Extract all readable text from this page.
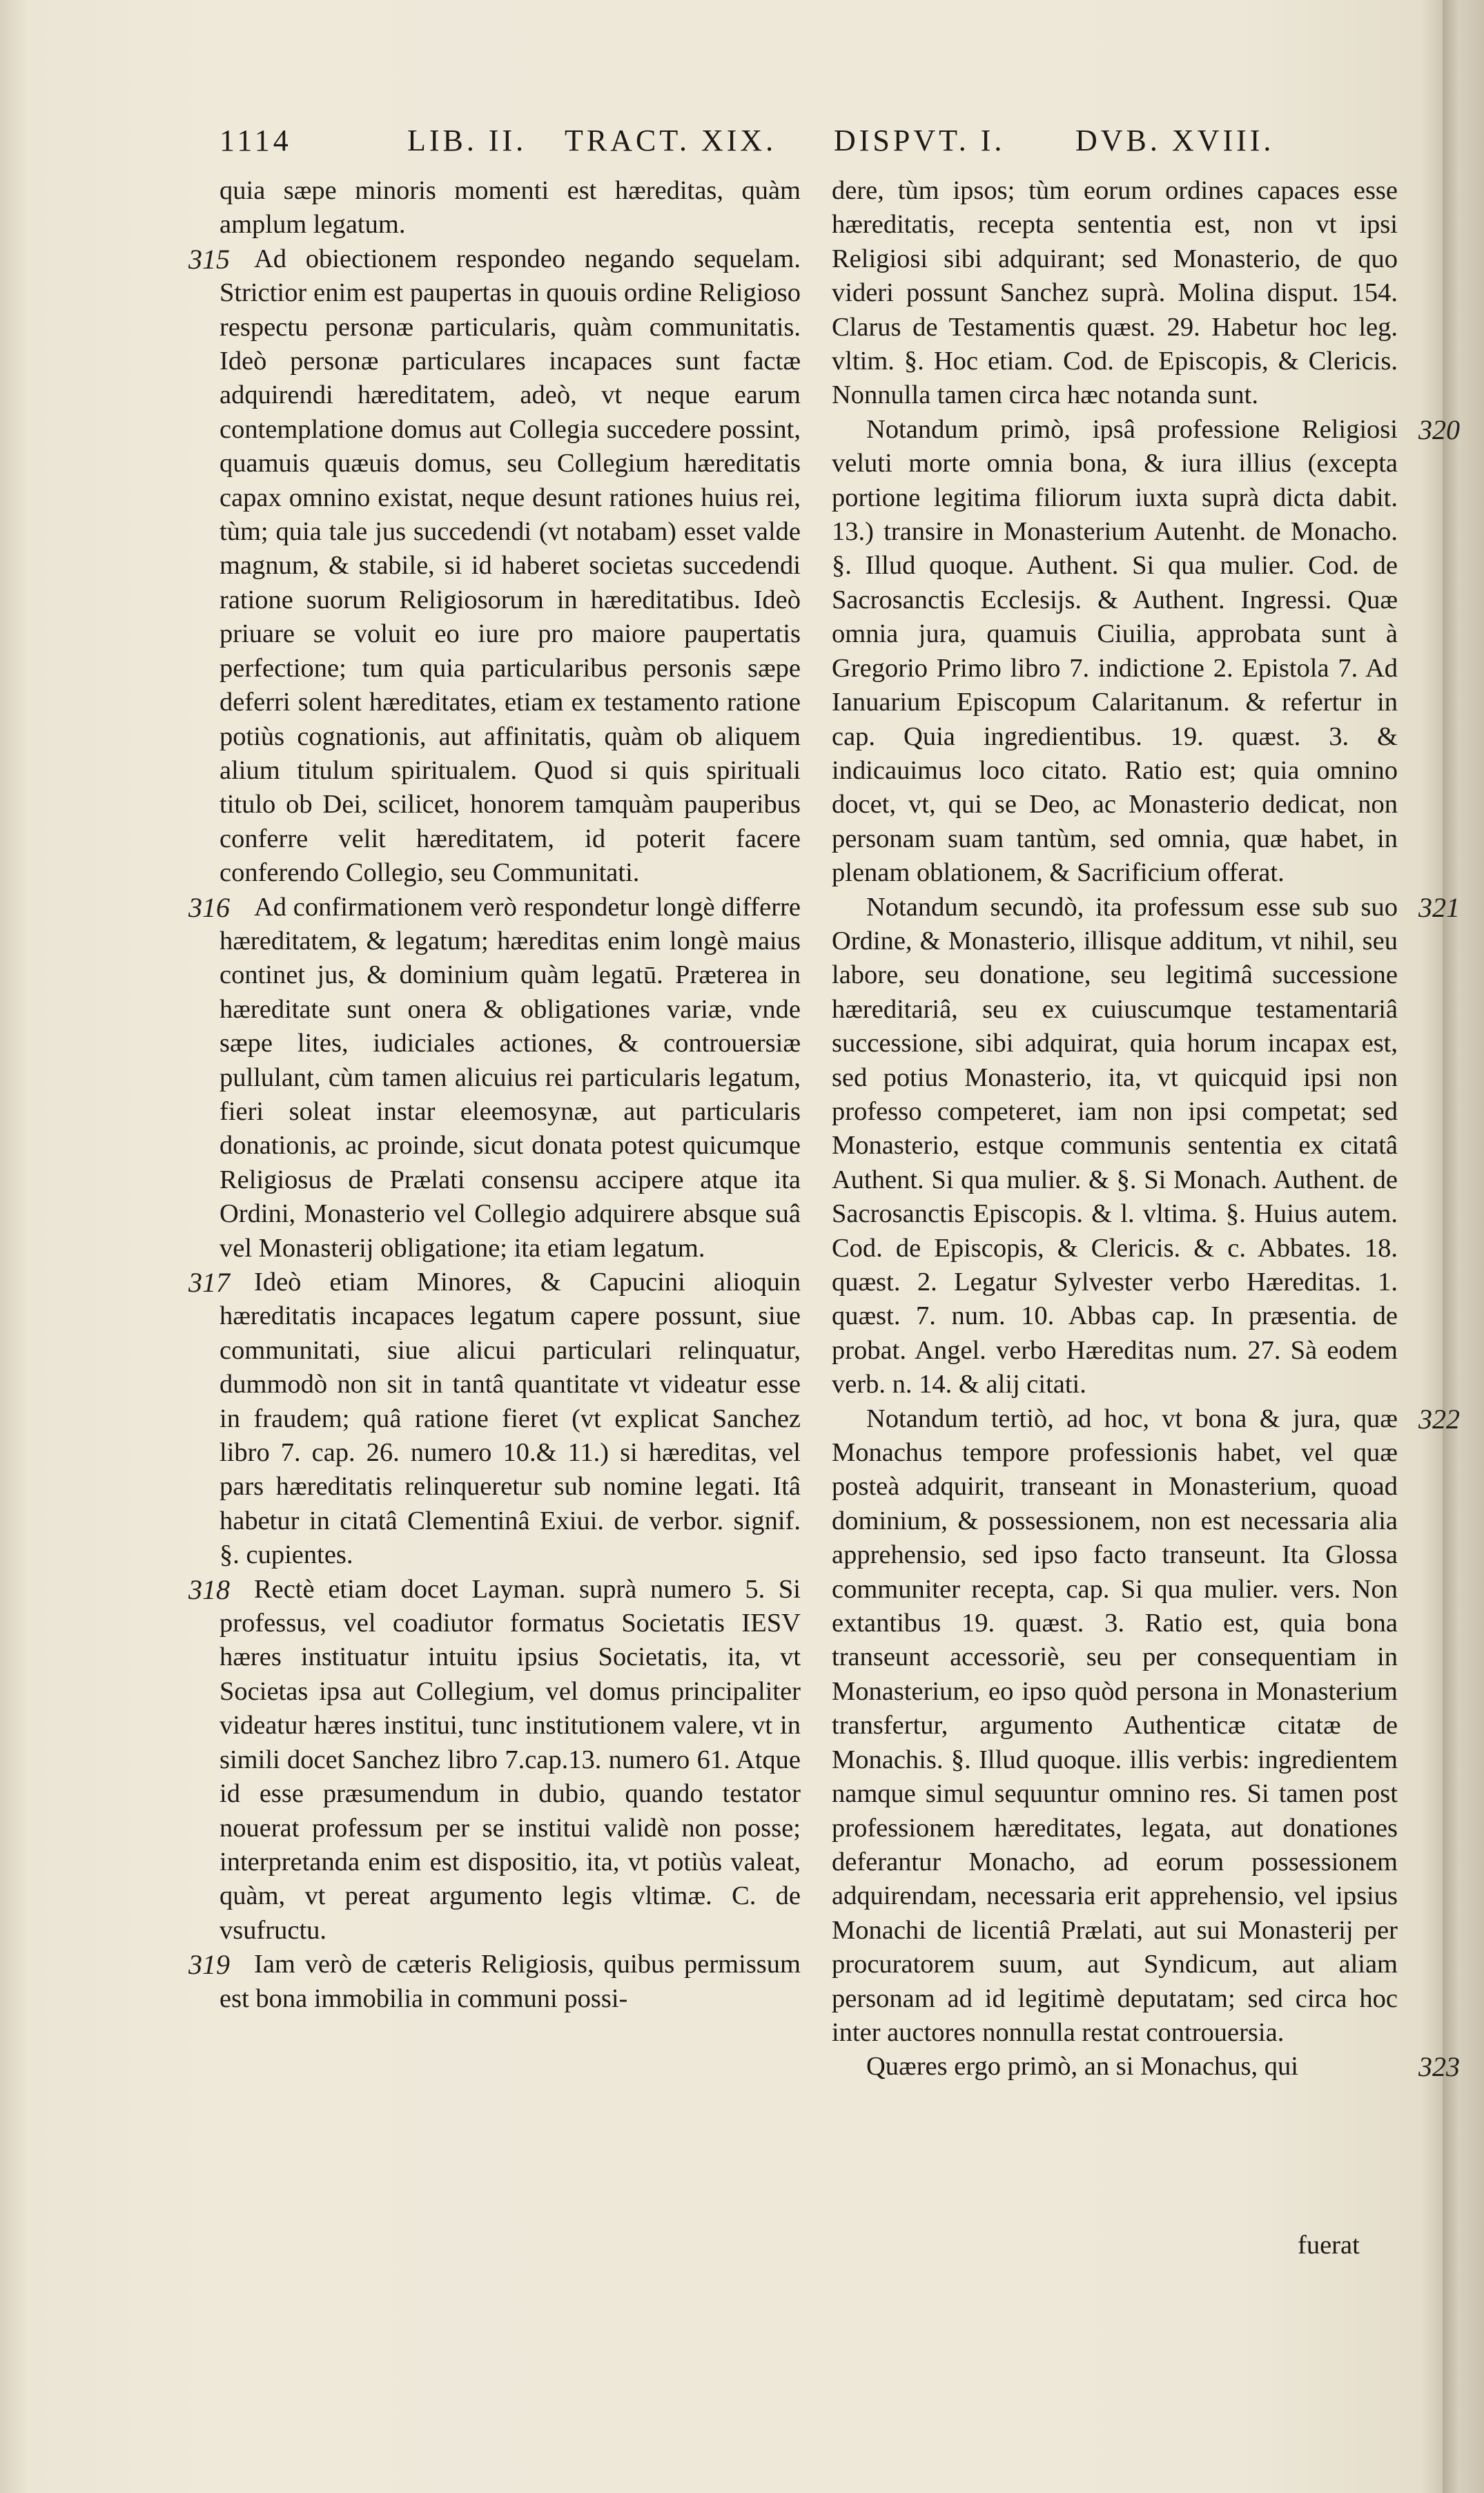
1114	LIB. II. TRACT. XIX. DISPVT. I. DVB. XVIII.

quia sæpe minoris momenti est hæreditas, quàm amplum legatum.

315 Ad obiectionem respondeo negando sequelam. Strictior enim est paupertas in quouis ordine Religioso respectu personæ particularis, quàm communitatis. Ideò personæ particulares incapaces sunt factæ adquirendi hæreditatem, adeò, vt neque earum contemplatione domus aut Collegia succedere possint, quamuis quæuis domus, seu Collegium hæreditatis capax omnino existat, neque desunt rationes huius rei, tùm; quia tale jus succedendi (vt notabam) esset valde magnum, & stabile, si id haberet societas succedendi ratione suorum Religiosorum in hæreditatibus. Ideò priuare se voluit eo iure pro maiore paupertatis perfectione; tum quia particularibus personis sæpe deferri solent hæreditates, etiam ex testamento ratione potiùs cognationis, aut affinitatis, quàm ob aliquem alium titulum spiritualem. Quod si quis spirituali titulo ob Dei, scilicet, honorem tamquàm pauperibus conferre velit hæreditatem, id poterit facere conferendo Collegio, seu Communitati.

316 Ad confirmationem verò respondetur longè differre hæreditatem, & legatum; hæreditas enim longè maius continet jus, & dominium quàm legatū. Præterea in hæreditate sunt onera & obligationes variæ, vnde sæpe lites, iudiciales actiones, & controuersiæ pullulant, cùm tamen alicuius rei particularis legatum, fieri soleat instar eleemosynæ, aut particularis donationis, ac proinde, sicut donata potest quicumque Religiosus de Prælati consensu accipere atque ita Ordini, Monasterio vel Collegio adquirere absque suâ vel Monasterij obligatione; ita etiam legatum.

317 Ideò etiam Minores, & Capucini alioquin hæreditatis incapaces legatum capere possunt, siue communitati, siue alicui particulari relinquatur, dummodò non sit in tantâ quantitate vt videatur esse in fraudem; quâ ratione fieret (vt explicat Sanchez libro 7. cap. 26. numero 10.& 11.) si hæreditas, vel pars hæreditatis relinqueretur sub nomine legati. Itâ habetur in citatâ Clementinâ Exiui. de verbor. signif. §. cupientes.

318 Rectè etiam docet Layman. suprà numero 5. Si professus, vel coadiutor formatus Societatis IESV hæres instituatur intuitu ipsius Societatis, ita, vt Societas ipsa aut Collegium, vel domus principaliter videatur hæres institui, tunc institutionem valere, vt in simili docet Sanchez libro 7.cap.13. numero 61. Atque id esse præsumendum in dubio, quando testator nouerat professum per se institui validè non posse; interpretanda enim est dispositio, ita, vt potiùs valeat, quàm, vt pereat argumento legis vltimæ. C. de vsufructu.

319 Iam verò de cæteris Religiosis, quibus permissum est bona immobilia in communi possi-

dere, tùm ipsos; tùm eorum ordines capaces esse hæreditatis, recepta sententia est, non vt ipsi Religiosi sibi adquirant; sed Monasterio, de quo videri possunt Sanchez suprà. Molina disput. 154. Clarus de Testamentis quæst. 29. Habetur hoc leg. vltim. §. Hoc etiam. Cod. de Episcopis, & Clericis. Nonnulla tamen circa hæc notanda sunt.

320
Notandum primò, ipsâ professione Religiosi veluti morte omnia bona, & iura illius (excepta portione legitima filiorum iuxta suprà dicta dabit. 13.) transire in Monasterium Autenht. de Monacho. §. Illud quoque. Authent. Si qua mulier. Cod. de Sacrosanctis Ecclesijs. & Authent. Ingressi. Quæ omnia jura, quamuis Ciuilia, approbata sunt à Gregorio Primo libro 7. indictione 2. Epistola 7. Ad Ianuarium Episcopum Calaritanum. & refertur in cap. Quia ingredientibus. 19. quæst. 3. & indicauimus loco citato. Ratio est; quia omnino docet, vt, qui se Deo, ac Monasterio dedicat, non personam suam tantùm, sed omnia, quæ habet, in plenam oblationem, & Sacrificium offerat.

321
Notandum secundò, ita professum esse sub suo Ordine, & Monasterio, illisque additum, vt nihil, seu labore, seu donatione, seu legitimâ successione hæreditariâ, seu ex cuiuscumque testamentariâ successione, sibi adquirat, quia horum incapax est, sed potius Monasterio, ita, vt quicquid ipsi non professo competeret, iam non ipsi competat; sed Monasterio, estque communis sententia ex citatâ Authent. Si qua mulier. & §. Si Monach. Authent. de Sacrosanctis Episcopis. & l. vltima. §. Huius autem. Cod. de Episcopis, & Clericis. & c. Abbates. 18. quæst. 2. Legatur Sylvester verbo Hæreditas. 1. quæst. 7. num. 10. Abbas cap. In præsentia. de probat. Angel. verbo Hæreditas num. 27. Sà eodem verb. n. 14. & alij citati.

322
Notandum tertiò, ad hoc, vt bona & jura, quæ Monachus tempore professionis habet, vel quæ posteà adquirit, transeant in Monasterium, quoad dominium, & possessionem, non est necessaria alia apprehensio, sed ipso facto transeunt. Ita Glossa communiter recepta, cap. Si qua mulier. vers. Non extantibus 19. quæst. 3. Ratio est, quia bona transeunt accessoriè, seu per consequentiam in Monasterium, eo ipso quòd persona in Monasterium transfertur, argumento Authenticæ citatæ de Monachis. §. Illud quoque. illis verbis: ingredientem namque simul sequuntur omnino res. Si tamen post professionem hæreditates, legata, aut donationes deferantur Monacho, ad eorum possessionem adquirendam, necessaria erit apprehensio, vel ipsius Monachi de licentiâ Prælati, aut sui Monasterij per procuratorem suum, aut Syndicum, aut aliam personam ad id legitimè deputatam; sed circa hoc inter auctores nonnulla restat controuersia.

323
Quæres ergo primò, an si Monachus, qui

fuerat
